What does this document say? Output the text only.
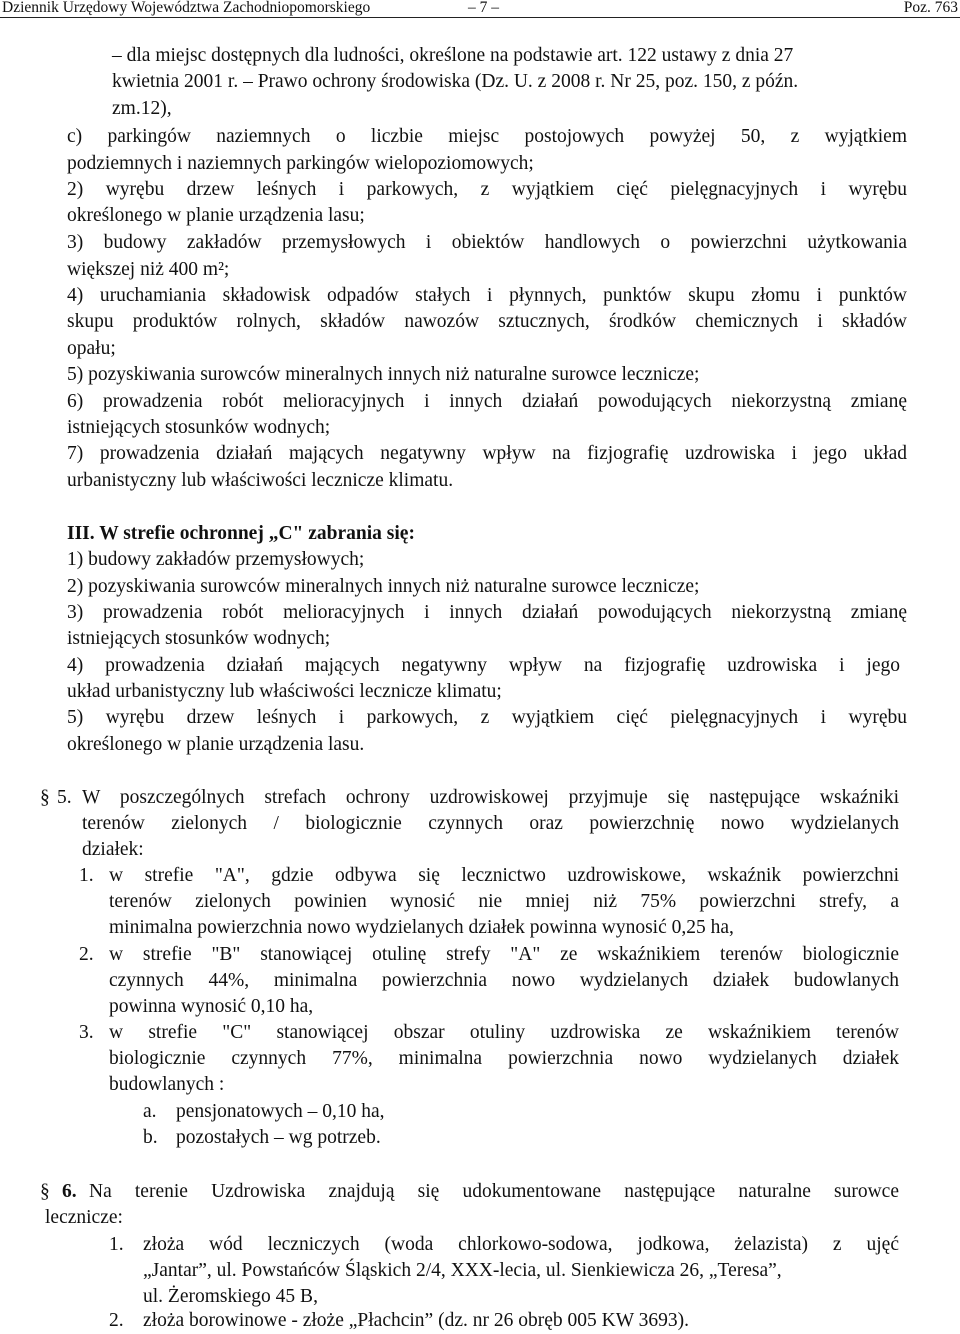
Dziennik Urzędowy Województwa Zachodniopomorskiego	– 7 –	Poz. 763
– dla miejsc dostępnych dla ludności, określone na podstawie art. 122 ustawy z dnia 27
kwietnia 2001 r. – Prawo ochrony środowiska (Dz. U. z 2008 r. Nr 25, poz. 150, z późn.
zm.12),
c) parkingów naziemnych o liczbie miejsc postojowych powyżej 50, z wyjątkiem
podziemnych i naziemnych parkingów wielopoziomowych;
2) wyrębu drzew leśnych i parkowych, z wyjątkiem cięć pielęgnacyjnych i wyrębu
określonego w planie urządzenia lasu;
3) budowy zakładów przemysłowych i obiektów handlowych o powierzchni użytkowania
większej niż 400 m²;
4) uruchamiania składowisk odpadów stałych i płynnych, punktów skupu złomu i punktów
skupu produktów rolnych, składów nawozów sztucznych, środków chemicznych i składów
opału;
5) pozyskiwania surowców mineralnych innych niż naturalne surowce lecznicze;
6) prowadzenia robót melioracyjnych i innych działań powodujących niekorzystną zmianę
istniejących stosunków wodnych;
7) prowadzenia działań mających negatywny wpływ na fizjografię uzdrowiska i jego układ
urbanistyczny lub właściwości lecznicze klimatu.
III. W strefie ochronnej „C" zabrania się:
1) budowy zakładów przemysłowych;
2) pozyskiwania surowców mineralnych innych niż naturalne surowce lecznicze;
3) prowadzenia robót melioracyjnych i innych działań powodujących niekorzystną zmianę
istniejących stosunków wodnych;
4) prowadzenia działań mających negatywny wpływ na fizjografię uzdrowiska i jego
układ urbanistyczny lub właściwości lecznicze klimatu;
5) wyrębu drzew leśnych i parkowych, z wyjątkiem cięć pielęgnacyjnych i wyrębu
określonego w planie urządzenia lasu.
§ 5. W poszczególnych strefach ochrony uzdrowiskowej przyjmuje się następujące wskaźniki
terenów zielonych / biologicznie czynnych oraz powierzchnię nowo wydzielanych
działek:
1. w strefie "A", gdzie odbywa się lecznictwo uzdrowiskowe, wskaźnik powierzchni
terenów zielonych powinien wynosić nie mniej niż 75% powierzchni strefy, a
minimalna powierzchnia nowo wydzielanych działek powinna wynosić 0,25 ha,
2. w strefie "B" stanowiącej otulinę strefy "A" ze wskaźnikiem terenów biologicznie
czynnych 44%, minimalna powierzchnia nowo wydzielanych działek budowlanych
powinna wynosić 0,10 ha,
3. w strefie "C" stanowiącej obszar otuliny uzdrowiska ze wskaźnikiem terenów
biologicznie czynnych 77%, minimalna powierzchnia nowo wydzielanych działek
budowlanych :
a. pensjonatowych – 0,10 ha,
b. pozostałych – wg potrzeb.
§ 6. Na terenie Uzdrowiska znajdują się udokumentowane następujące naturalne surowce
lecznicze:
1. złoża wód leczniczych (woda chlorkowo-sodowa, jodkowa, żelazista) z ujęć
„Jantar”, ul. Powstańców Śląskich 2/4, XXX-lecia, ul. Sienkiewicza 26, „Teresa”,
ul. Żeromskiego 45 B,
2. złoża borowinowe - złoże „Płachcin” (dz. nr 26 obręb 005 KW 3693).
